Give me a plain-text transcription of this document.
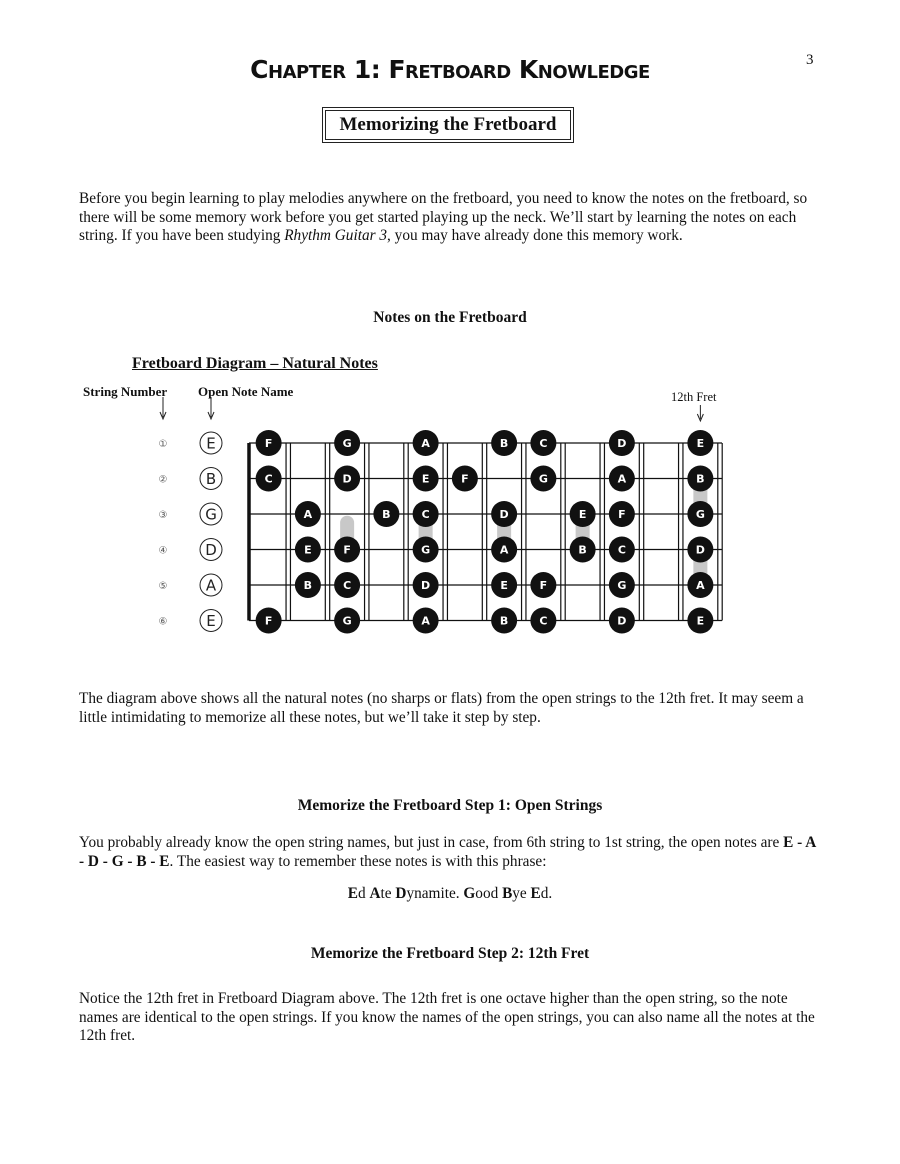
3
Chapter 1: Fretboard Knowledge
Memorizing the Fretboard

Before you begin learning to play melodies anywhere on the fretboard, you need to know the notes on the fretboard, so there will be some memory work before you get started playing up the neck. We’ll start by learning the notes on each string. If you have been studying Rhythm Guitar 3, you may have already done this memory work.

Notes on the Fretboard
Fretboard Diagram – Natural Notes
String Number Open Note Name	12th Fret
①	E
②	B
③	G
④	D
⑤	A
⑥	E
F	G	A	B	C	D	E
C	D	E	F	G	A	B
A	B	C	D	E	F	G
E	F	G	A	B	C	D
B	C	D	E	F	G	A
F	G	A	B	C	D	E

The diagram above shows all the natural notes (no sharps or flats) from the open strings to the 12th fret. It may seem a little intimidating to memorize all these notes, but we’ll take it step by step.

Memorize the Fretboard Step 1: Open Strings

You probably already know the open string names, but just in case, from 6th string to 1st string, the open notes are E - A - D - G - B - E. The easiest way to remember these notes is with this phrase:

Ed Ate Dynamite. Good Bye Ed.
Memorize the Fretboard Step 2: 12th Fret

Notice the 12th fret in Fretboard Diagram above. The 12th fret is one octave higher than the open string, so the note names are identical to the open strings. If you know the names of the open strings, you can also name all the notes at the 12th fret.
